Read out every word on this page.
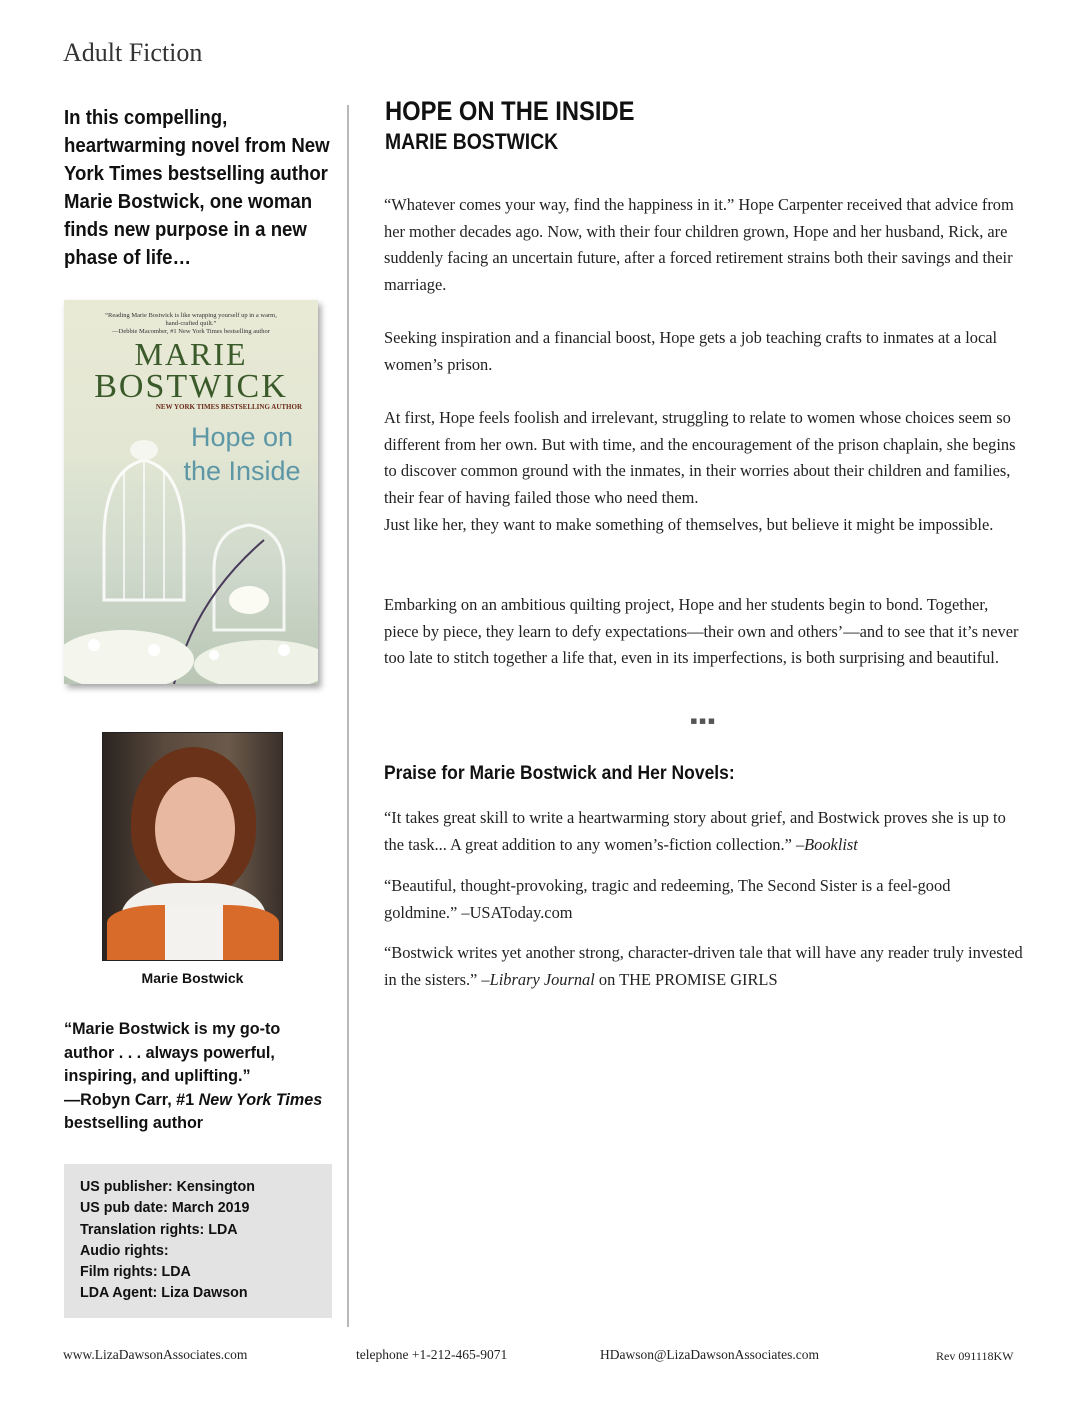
Adult Fiction
In this compelling, heartwarming novel from New York Times bestselling author Marie Bostwick, one woman finds new purpose in a new phase of life…
“Reading Marie Bostwick is like wrapping yourself up in a warm,
hand-crafted quilt.”
—Debbie Macomber, #1 New York Times bestselling author
MARIE
BOSTWICK
NEW YORK TIMES BESTSELLING AUTHOR
Hope on
the Inside
Marie Bostwick
“Marie Bostwick is my go-to author . . . always powerful, inspiring, and uplifting.”
—Robyn Carr, #1 New York Times
bestselling author
US publisher: Kensington
US pub date: March 2019
Translation rights: LDA
Audio rights:
Film rights: LDA
LDA Agent: Liza Dawson
HOPE ON THE INSIDE
MARIE BOSTWICK
“Whatever comes your way, find the happiness in it.” Hope Carpenter received that advice from her mother decades ago. Now, with their four children grown, Hope and her husband, Rick, are suddenly facing an uncertain future, after a forced retirement strains both their savings and their marriage.
Seeking inspiration and a financial boost, Hope gets a job teaching crafts to inmates at a local women’s prison.
At first, Hope feels foolish and irrelevant, struggling to relate to women whose choices seem so different from her own. But with time, and the encouragement of the prison chaplain, she begins to discover common ground with the inmates, in their worries about their children and families, their fear of having failed those who need them.
Just like her, they want to make something of themselves, but believe it might be impossible.
Embarking on an ambitious quilting project, Hope and her students begin to bond. Together, piece by piece, they learn to defy expectations—their own and others’—and to see that it’s never too late to stitch together a life that, even in its imperfections, is both surprising and beautiful.
▪▪▪
Praise for Marie Bostwick and Her Novels:
“It takes great skill to write a heartwarming story about grief, and Bostwick proves she is up to the task... A great addition to any women’s-fiction collection.” –Booklist
“Beautiful, thought-provoking, tragic and redeeming, The Second Sister is a feel-good goldmine.” –USAToday.com
“Bostwick writes yet another strong, character-driven tale that will have any reader truly invested in the sisters.” –Library Journal on THE PROMISE GIRLS
www.LizaDawsonAssociates.com	telephone +1-212-465-9071	HDawson@LizaDawsonAssociates.com	Rev 091118KW
